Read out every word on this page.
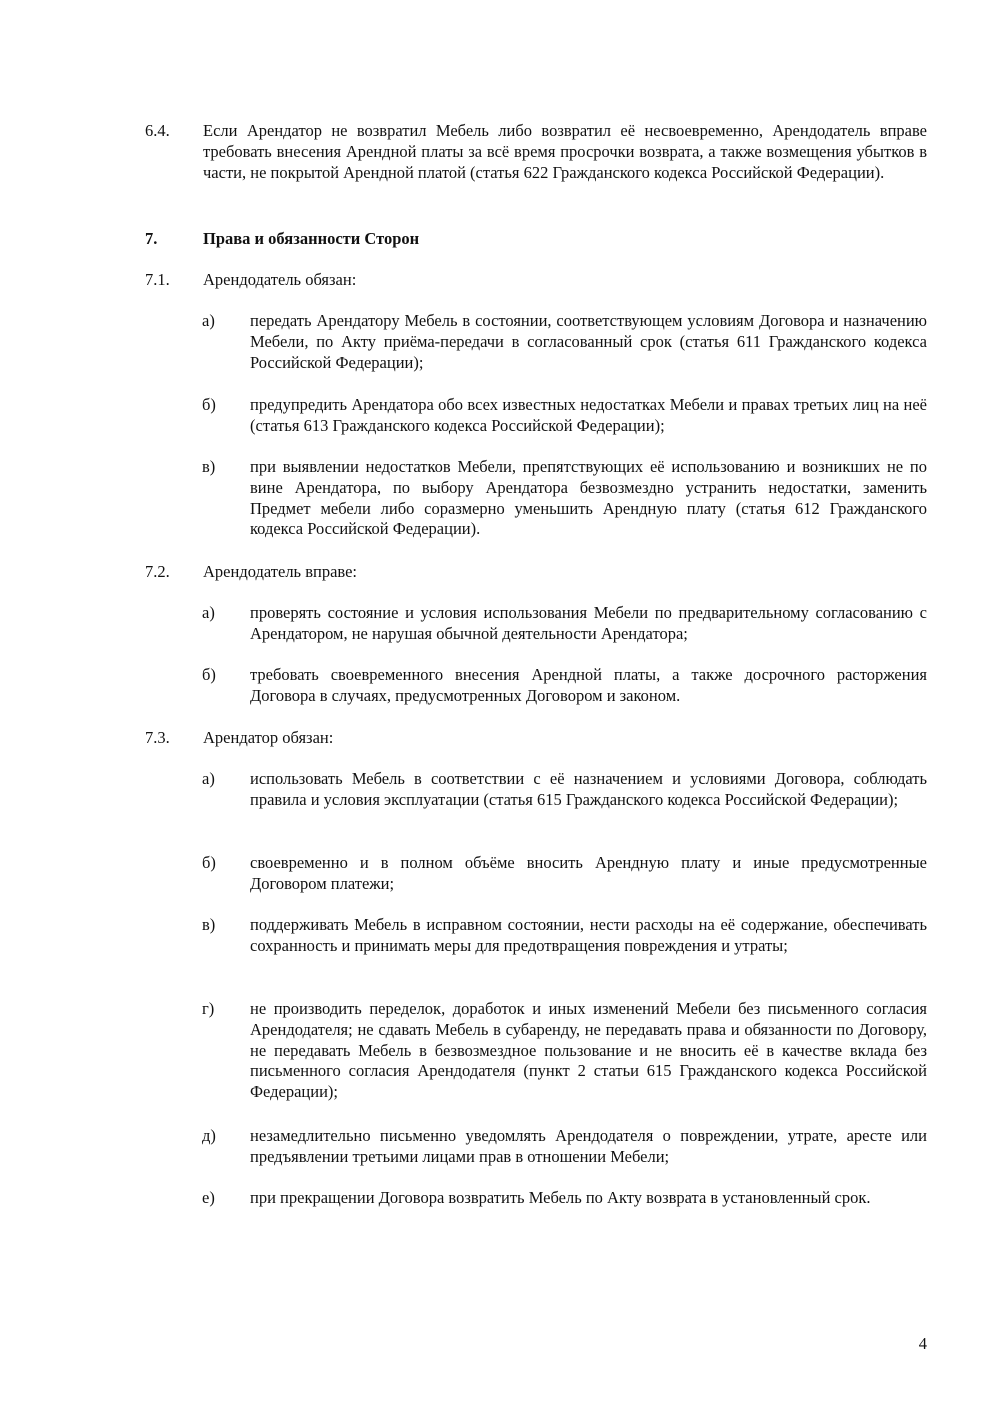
6.4.	Если Арендатор не возвратил Мебель либо возвратил её несвоевременно, Арендодатель вправе требовать внесения Арендной платы за всё время просрочки возврата, а также возмещения убытков в части, не покрытой Арендной платой (статья 622 Гражданского кодекса Российской Федерации).
7.	Права и обязанности Сторон
7.1.	Арендодатель обязан:
а)	передать Арендатору Мебель в состоянии, соответствующем условиям Договора и назначению Мебели, по Акту приёма-передачи в согласованный срок (статья 611 Гражданского кодекса Российской Федерации);
б)	предупредить Арендатора обо всех известных недостатках Мебели и правах третьих лиц на неё (статья 613 Гражданского кодекса Российской Федерации);
в)	при выявлении недостатков Мебели, препятствующих её использованию и возникших не по вине Арендатора, по выбору Арендатора безвозмездно устранить недостатки, заменить Предмет мебели либо соразмерно уменьшить Арендную плату (статья 612 Гражданского кодекса Российской Федерации).
7.2.	Арендодатель вправе:
а)	проверять состояние и условия использования Мебели по предварительному согласованию с Арендатором, не нарушая обычной деятельности Арендатора;
б)	требовать своевременного внесения Арендной платы, а также досрочного расторжения Договора в случаях, предусмотренных Договором и законом.
7.3.	Арендатор обязан:
а)	использовать Мебель в соответствии с её назначением и условиями Договора, соблюдать правила и условия эксплуатации (статья 615 Гражданского кодекса Российской Федерации);
б)	своевременно и в полном объёме вносить Арендную плату и иные предусмотренные Договором платежи;
в)	поддерживать Мебель в исправном состоянии, нести расходы на её содержание, обеспечивать сохранность и принимать меры для предотвращения повреждения и утраты;
г)	не производить переделок, доработок и иных изменений Мебели без письменного согласия Арендодателя; не сдавать Мебель в субаренду, не передавать права и обязанности по Договору, не передавать Мебель в безвозмездное пользование и не вносить её в качестве вклада без письменного согласия Арендодателя (пункт 2 статьи 615 Гражданского кодекса Российской Федерации);
д)	незамедлительно письменно уведомлять Арендодателя о повреждении, утрате, аресте или предъявлении третьими лицами прав в отношении Мебели;
е)	при прекращении Договора возвратить Мебель по Акту возврата в установленный срок.
4
